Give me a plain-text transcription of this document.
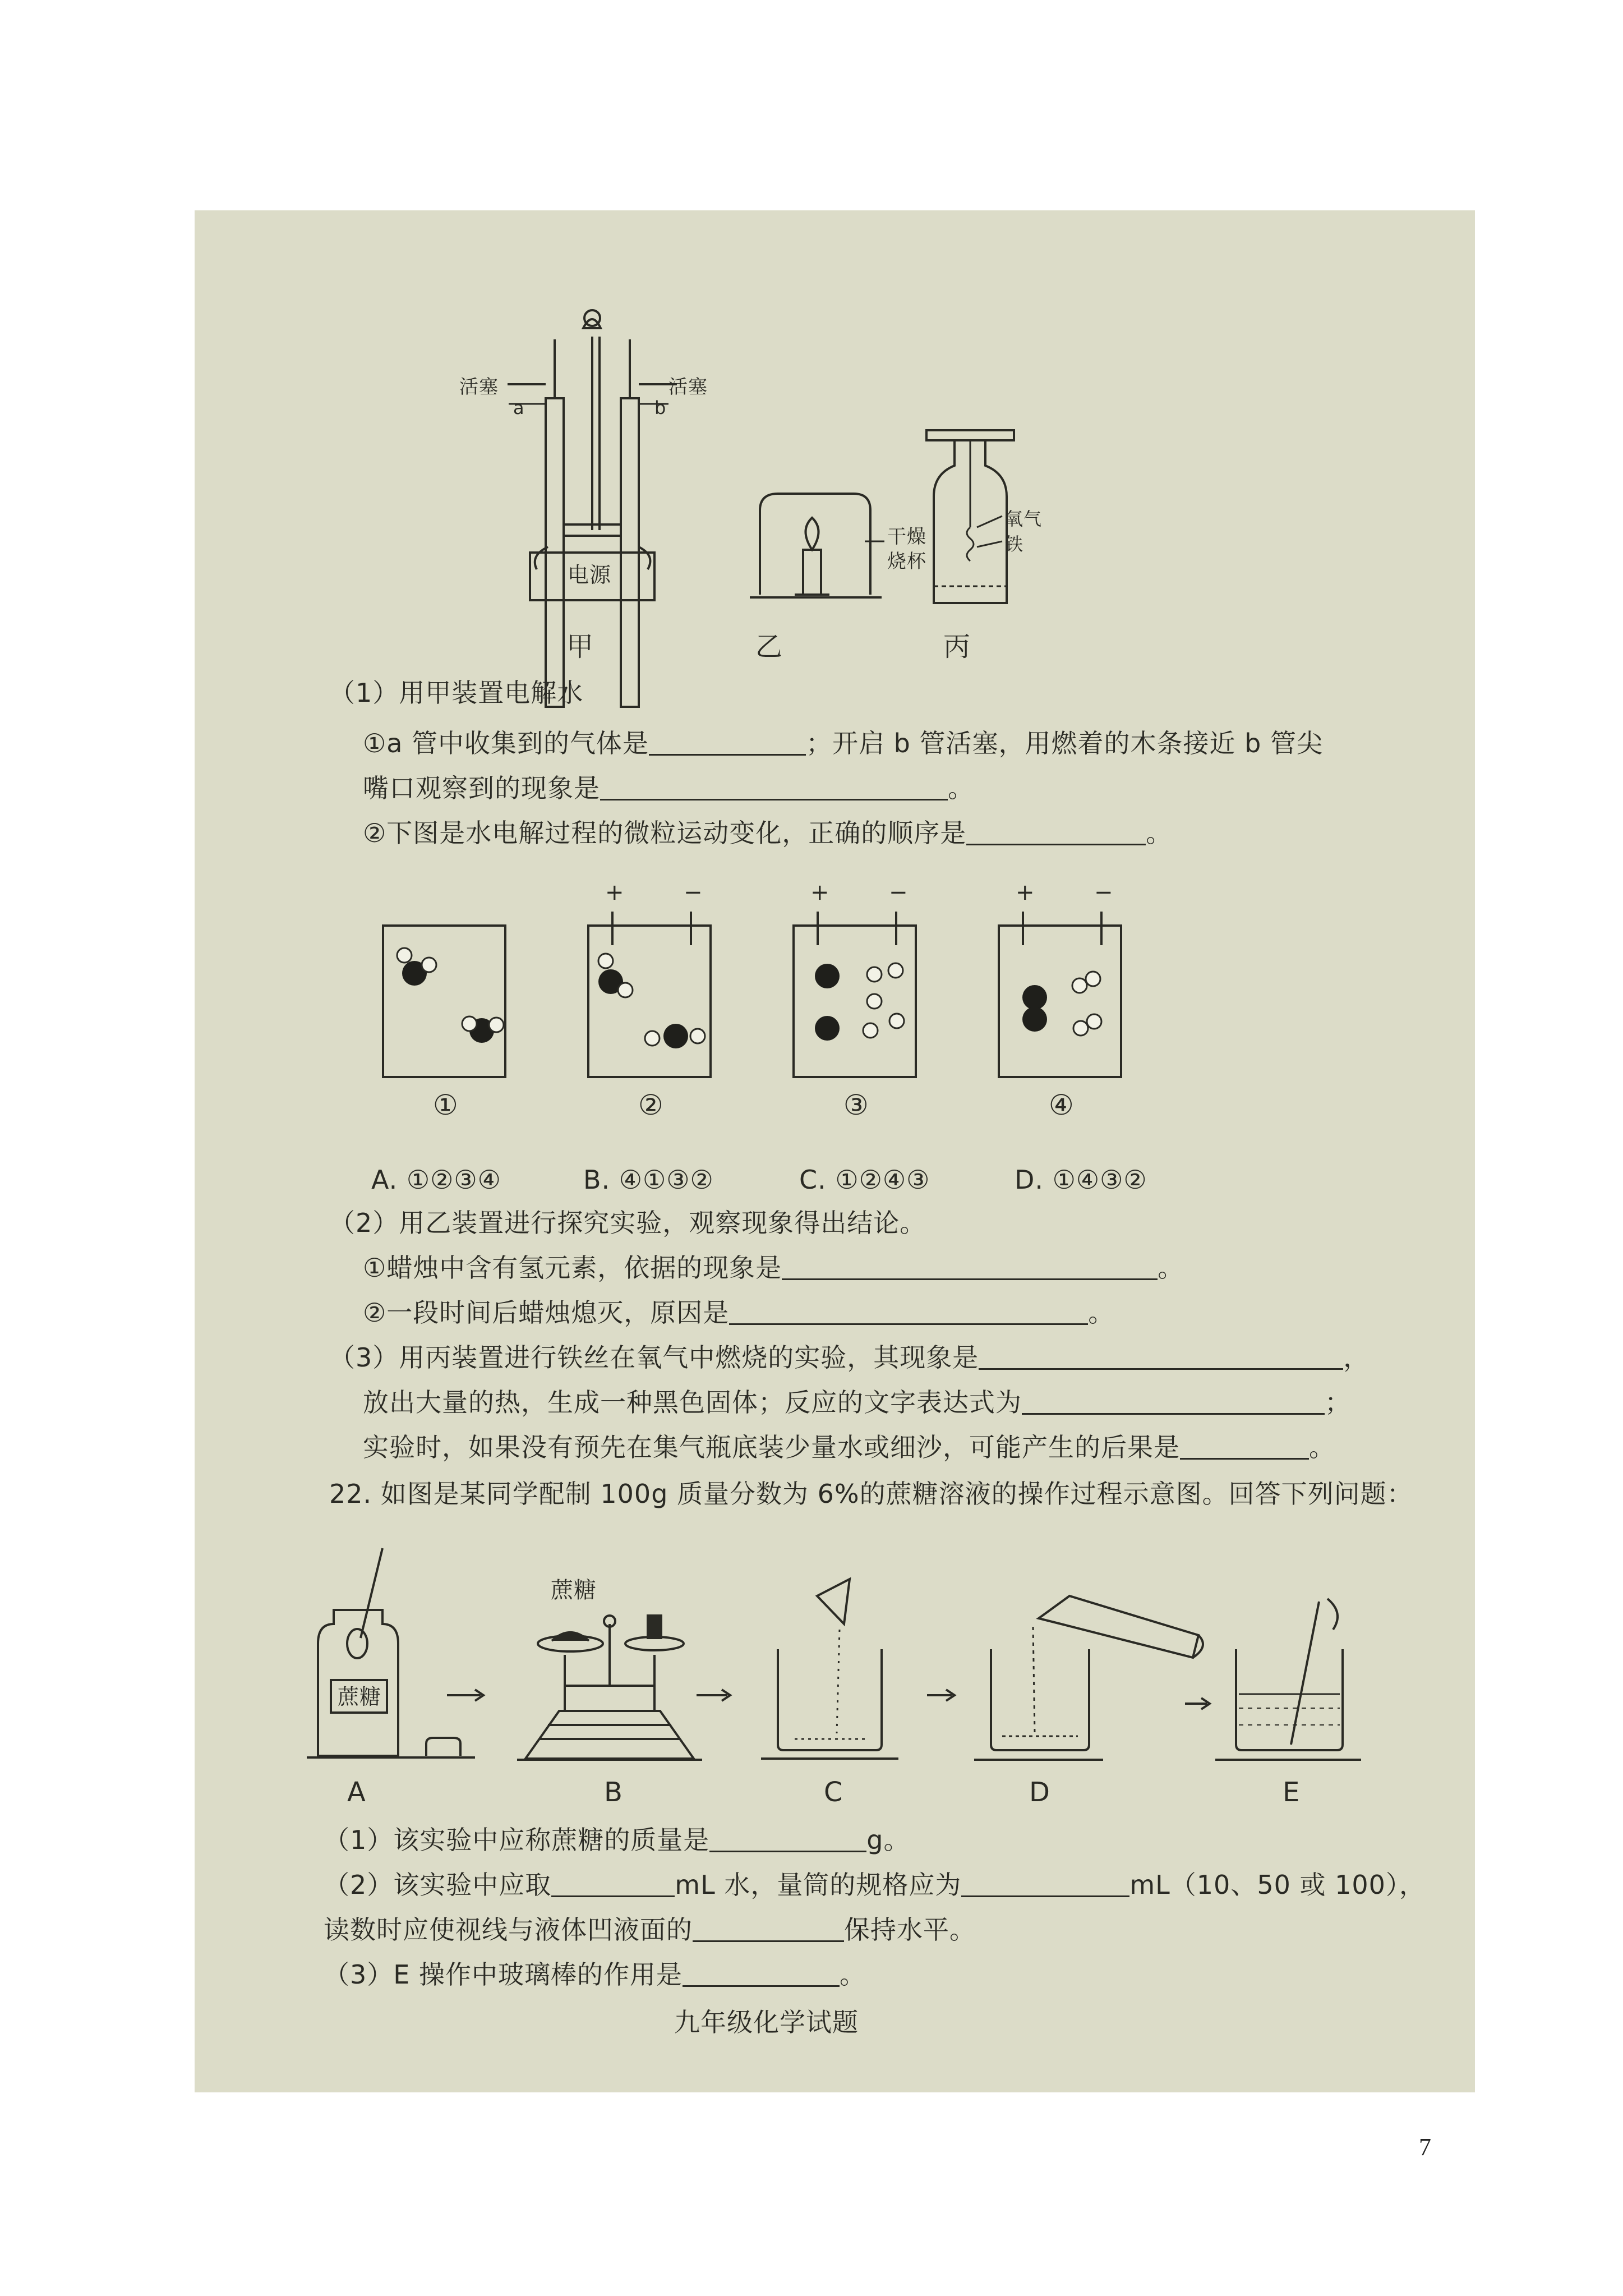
活塞	活塞
a	b
电源
干燥
烧杯
氧气
铁
甲	乙	丙
（1）用甲装置电解水
①a 管中收集到的气体是	；开启 b 管活塞，用燃着的木条接近 b 管尖
嘴口观察到的现象是	。
②下图是水电解过程的微粒运动变化，正确的顺序是	。
+	−	+	−	+	−
①	②	③	④
A. ①②③④	B. ④①③②	C. ①②④③	D. ①④③②
（2）用乙装置进行探究实验，观察现象得出结论。
①蜡烛中含有氢元素，依据的现象是	。
②一段时间后蜡烛熄灭，原因是	。
（3）用丙装置进行铁丝在氧气中燃烧的实验，其现象是	，
放出大量的热，生成一种黑色固体；反应的文字表达式为	；
实验时，如果没有预先在集气瓶底装少量水或细沙，可能产生的后果是	。
22. 如图是某同学配制 100g 质量分数为 6%的蔗糖溶液的操作过程示意图。回答下列问题：
蔗糖
蔗糖
A	B	C	D	E
（1）该实验中应称蔗糖的质量是	g。
（2）该实验中应取	mL 水，量筒的规格应为	mL（10、50 或 100），
读数时应使视线与液体凹液面的	保持水平。
（3）E 操作中玻璃棒的作用是	。
九年级化学试题
7
